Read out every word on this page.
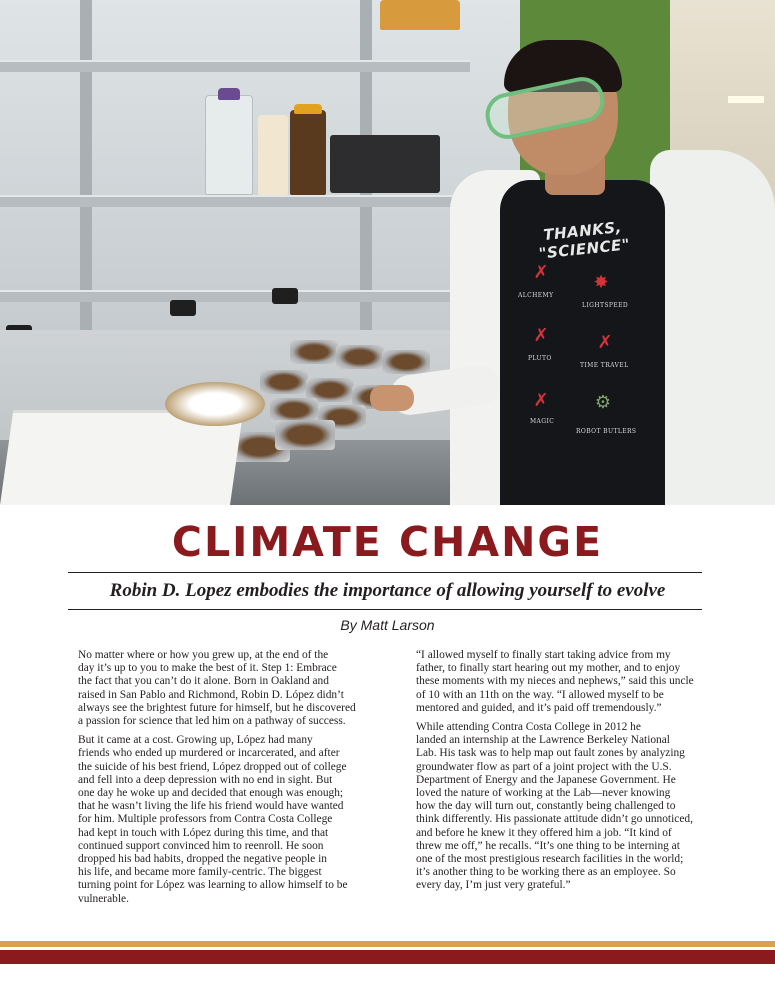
THANKS, "SCIENCE"
✗
ALCHEMY
✸
LIGHTSPEED
✗
PLUTO
✗
TIME TRAVEL
✗
MAGIC
⚙
ROBOT BUTLERS
CLIMATE CHANGE
Robin D. Lopez embodies the importance of allowing yourself to evolve
By Matt Larson

No matter where or how you grew up, at the end of the
day it’s up to you to make the best of it. Step 1: Embrace
the fact that you can’t do it alone. Born in Oakland and
raised in San Pablo and Richmond, Robin D. López didn’t
always see the brightest future for himself, but he discovered
a passion for science that led him on a pathway of success.

But it came at a cost. Growing up, López had many
friends who ended up murdered or incarcerated, and after
the suicide of his best friend, López dropped out of college
and fell into a deep depression with no end in sight. But
one day he woke up and decided that enough was enough;
that he wasn’t living the life his friend would have wanted
for him. Multiple professors from Contra Costa College
had kept in touch with López during this time, and that
continued support convinced him to reenroll. He soon
dropped his bad habits, dropped the negative people in
his life, and became more family-centric. The biggest
turning point for López was learning to allow himself to be
vulnerable.

“I allowed myself to finally start taking advice from my
father, to finally start hearing out my mother, and to enjoy
these moments with my nieces and nephews,” said this uncle
of 10 with an 11th on the way. “I allowed myself to be
mentored and guided, and it’s paid off tremendously.”

While attending Contra Costa College in 2012 he
landed an internship at the Lawrence Berkeley National
Lab. His task was to help map out fault zones by analyzing
groundwater flow as part of a joint project with the U.S.
Department of Energy and the Japanese Government. He
loved the nature of working at the Lab—never knowing
how the day will turn out, constantly being challenged to
think differently. His passionate attitude didn’t go unnoticed,
and before he knew it they offered him a job. “It kind of
threw me off,” he recalls. “It’s one thing to be interning at
one of the most prestigious research facilities in the world;
it’s another thing to be working there as an employee. So
every day, I’m just very grateful.”
